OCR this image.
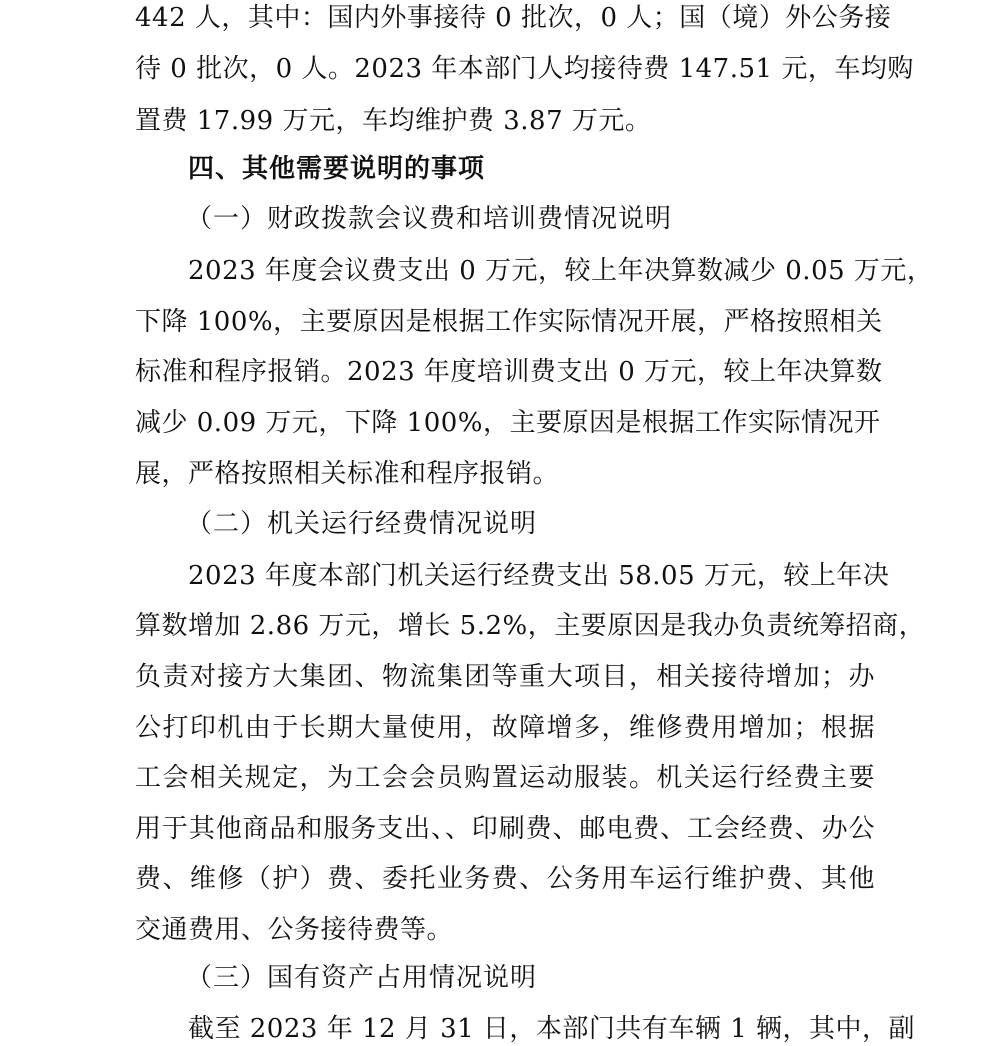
442 人，其中：国内外事接待 0 批次，0 人；国（境）外公务接
待 0 批次，0 人。2023 年本部门人均接待费 147.51 元，车均购
置费 17.99 万元，车均维护费 3.87 万元。
四、其他需要说明的事项
（一）财政拨款会议费和培训费情况说明
2023 年度会议费支出 0 万元，较上年决算数减少 0.05 万元，
下降 100%，主要原因是根据工作实际情况开展，严格按照相关
标准和程序报销。2023 年度培训费支出 0 万元，较上年决算数
减少 0.09 万元，下降 100%，主要原因是根据工作实际情况开
展，严格按照相关标准和程序报销。
（二）机关运行经费情况说明
2023 年度本部门机关运行经费支出 58.05 万元，较上年决
算数增加 2.86 万元，增长 5.2%，主要原因是我办负责统筹招商，
负责对接方大集团、物流集团等重大项目，相关接待增加；办
公打印机由于长期大量使用，故障增多，维修费用增加；根据
工会相关规定，为工会会员购置运动服装。机关运行经费主要
用于其他商品和服务支出、、印刷费、邮电费、工会经费、办公
费、维修（护）费、委托业务费、公务用车运行维护费、其他
交通费用、公务接待费等。
（三）国有资产占用情况说明
截至 2023 年 12 月 31 日，本部门共有车辆 1 辆，其中，副
